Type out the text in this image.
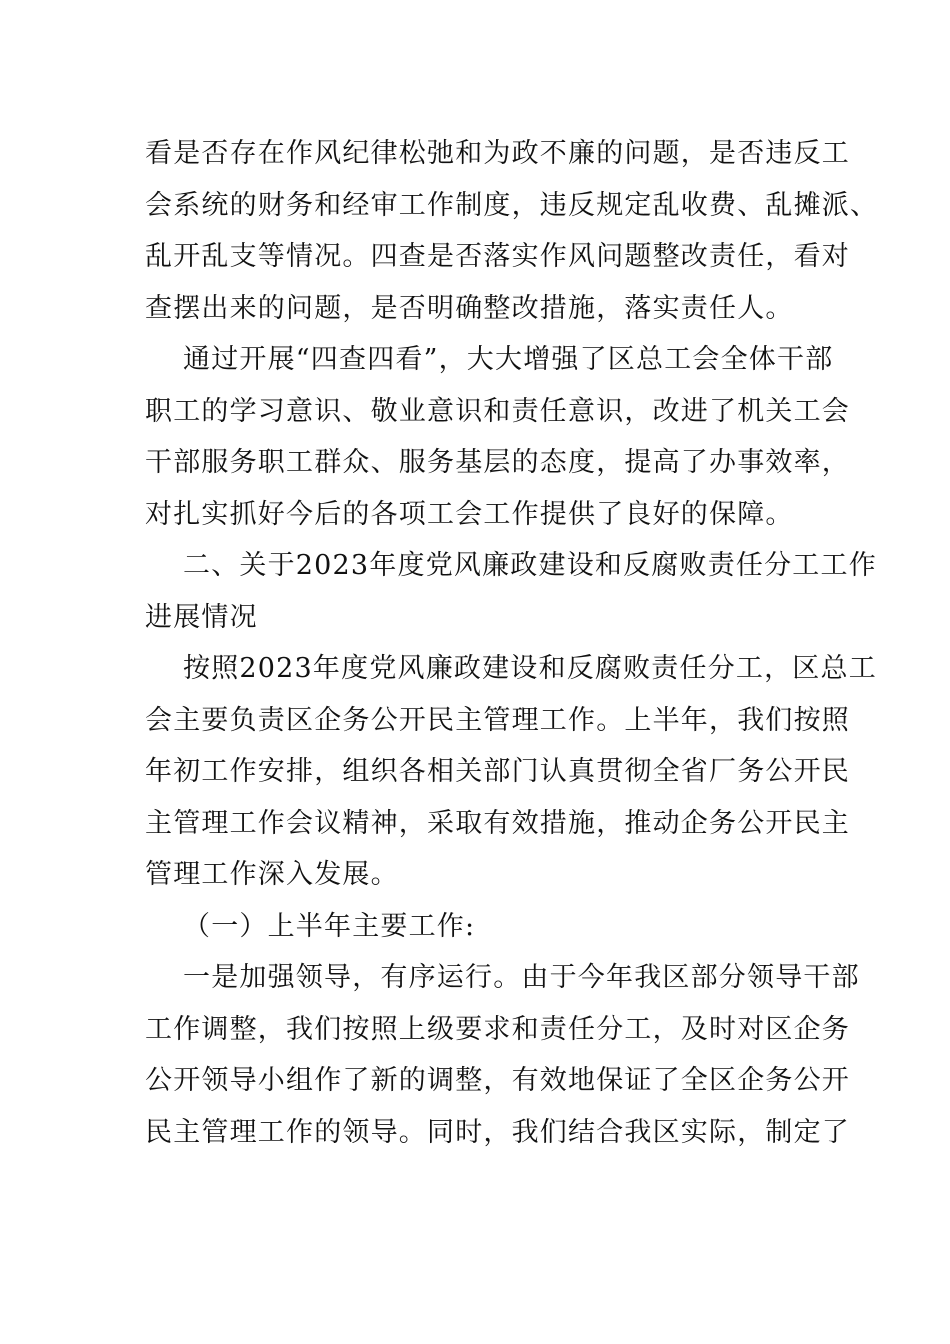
看是否存在作风纪律松弛和为政不廉的问题，是否违反工
会系统的财务和经审工作制度，违反规定乱收费、乱摊派、
乱开乱支等情况。四查是否落实作风问题整改责任，看对
查摆出来的问题，是否明确整改措施，落实责任人。
通过开展“四查四看”，大大增强了区总工会全体干部
职工的学习意识、敬业意识和责任意识，改进了机关工会
干部服务职工群众、服务基层的态度，提高了办事效率，
对扎实抓好今后的各项工会工作提供了良好的保障。
二、关于2023年度党风廉政建设和反腐败责任分工工作
进展情况
按照2023年度党风廉政建设和反腐败责任分工，区总工
会主要负责区企务公开民主管理工作。上半年，我们按照
年初工作安排，组织各相关部门认真贯彻全省厂务公开民
主管理工作会议精神，采取有效措施，推动企务公开民主
管理工作深入发展。
（一）上半年主要工作:
一是加强领导，有序运行。由于今年我区部分领导干部
工作调整，我们按照上级要求和责任分工，及时对区企务
公开领导小组作了新的调整，有效地保证了全区企务公开
民主管理工作的领导。同时，我们结合我区实际，制定了
